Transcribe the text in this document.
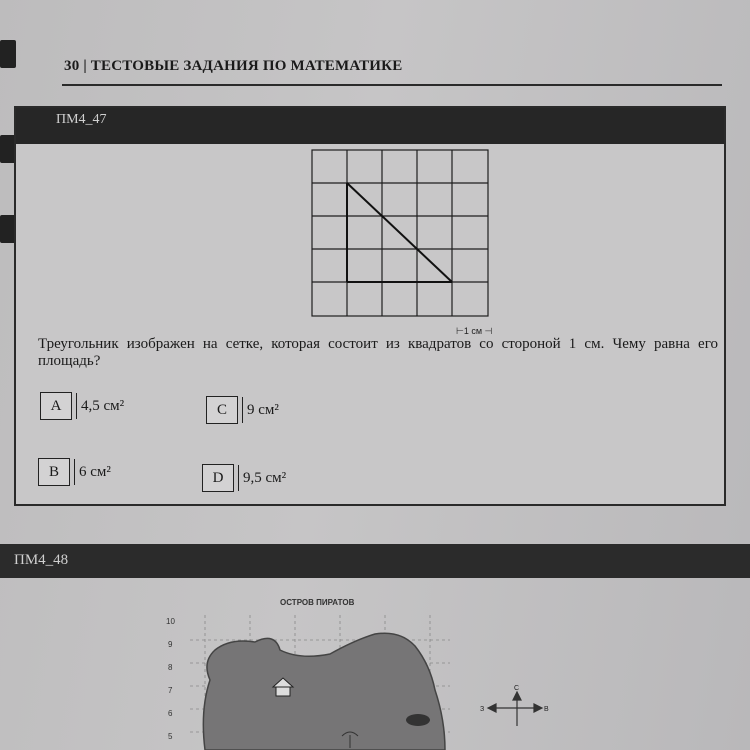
30 | ТЕСТОВЫЕ ЗАДАНИЯ ПО МАТЕМАТИКЕ
ПМ4_47
⊢1 см ⊣
Треугольник изображен на сетке, которая состоит из квадратов со стороной 1 см. Чему равна его площадь?
A	4,5 см²	C	9 см²
B	6 см²	D	9,5 см²
ПМ4_48
ОСТРОВ ПИРАТОВ
10
9
8
7
6
5
С
В
З
